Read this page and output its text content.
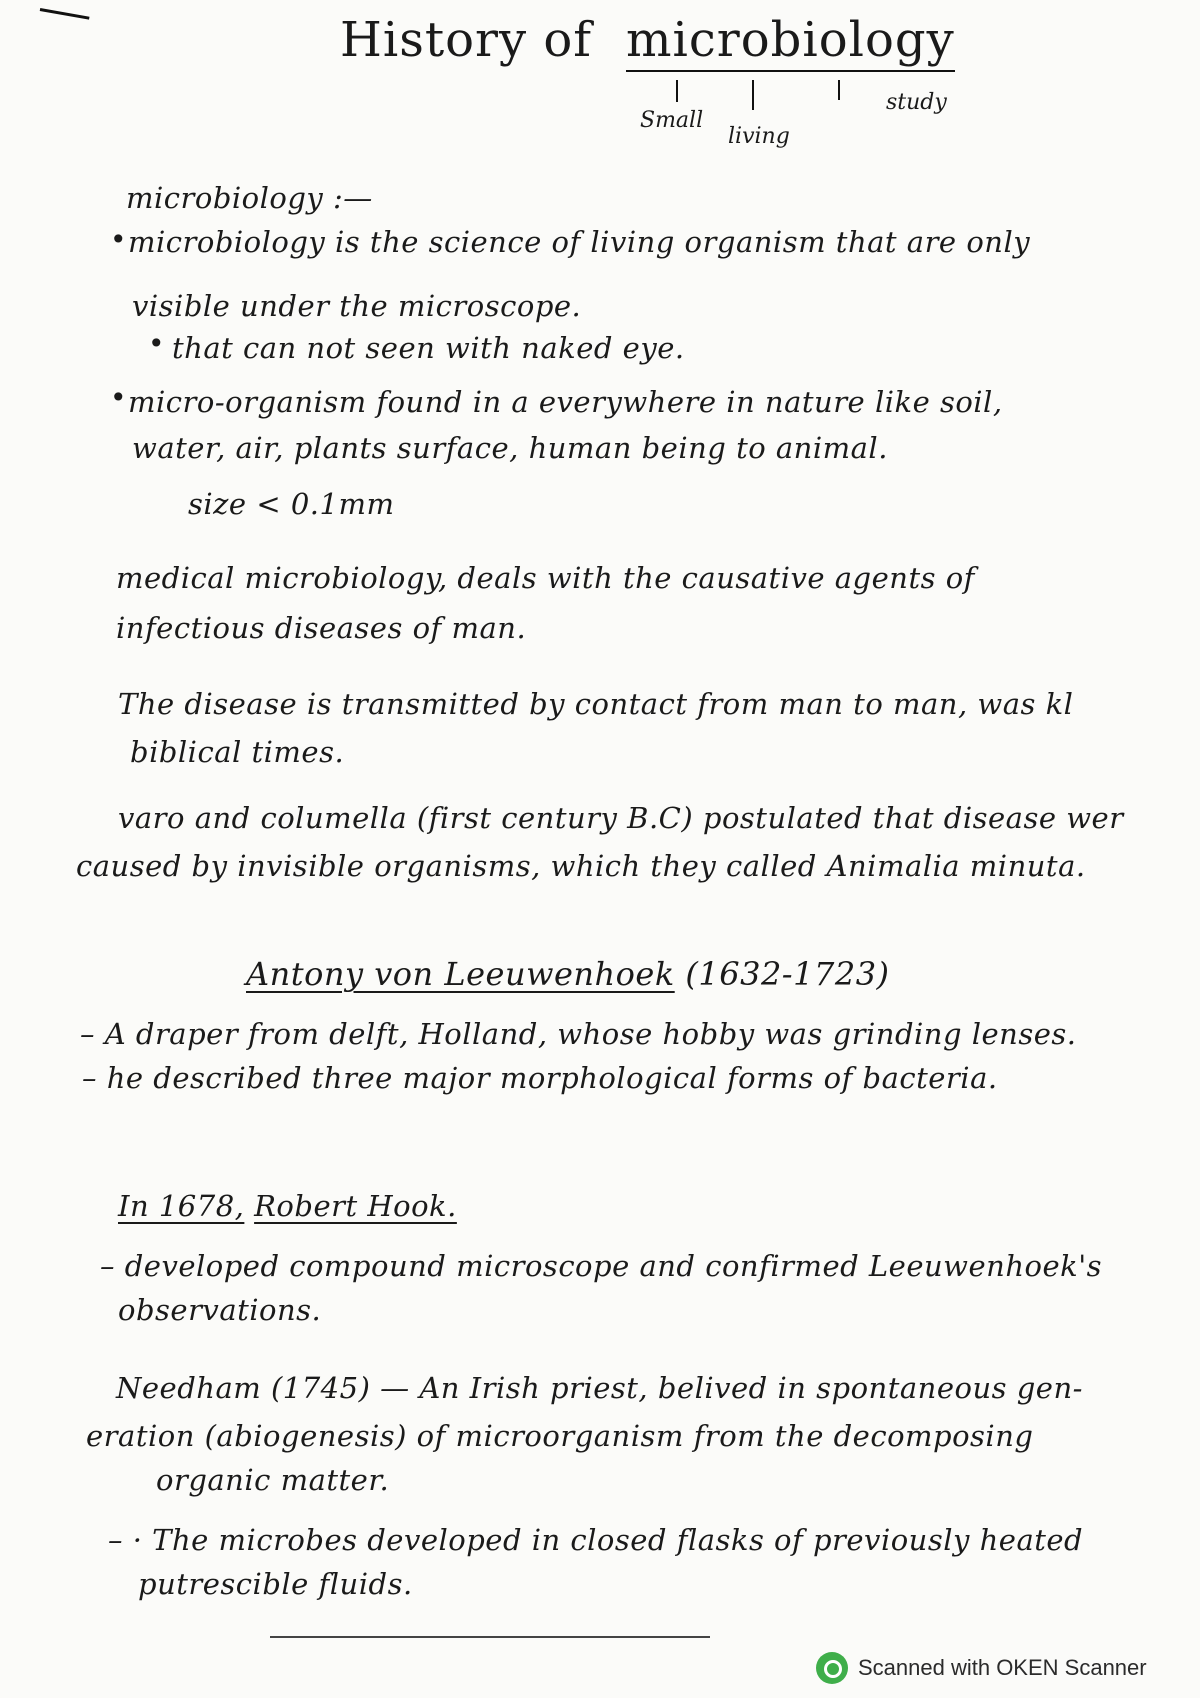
History of microbiology
Small
living
study
microbiology :—
• microbiology is the science of living organism that are only
visible under the microscope.
• that can not seen with naked eye.
• micro-organism found in a everywhere in nature like soil,
water, air, plants surface, human being to animal.
size < 0.1mm
medical microbiology, deals with the causative agents of
infectious diseases of man.
The disease is transmitted by contact from man to man, was kl
biblical times.
varo and columella (first century B.C) postulated that disease wer
caused by invisible organisms, which they called Animalia minuta.
Antony von Leeuwenhoek (1632-1723)
– A draper from delft, Holland, whose hobby was grinding lenses.
– he described three major morphological forms of bacteria.
In 1678, Robert Hook.
– developed compound microscope and confirmed Leeuwenhoek's
observations.
Needham (1745) — An Irish priest, belived in spontaneous gen-
eration (abiogenesis) of microorganism from the decomposing
organic matter.
– · The microbes developed in closed flasks of previously heated
putrescible fluids.
Scanned with OKEN Scanner
